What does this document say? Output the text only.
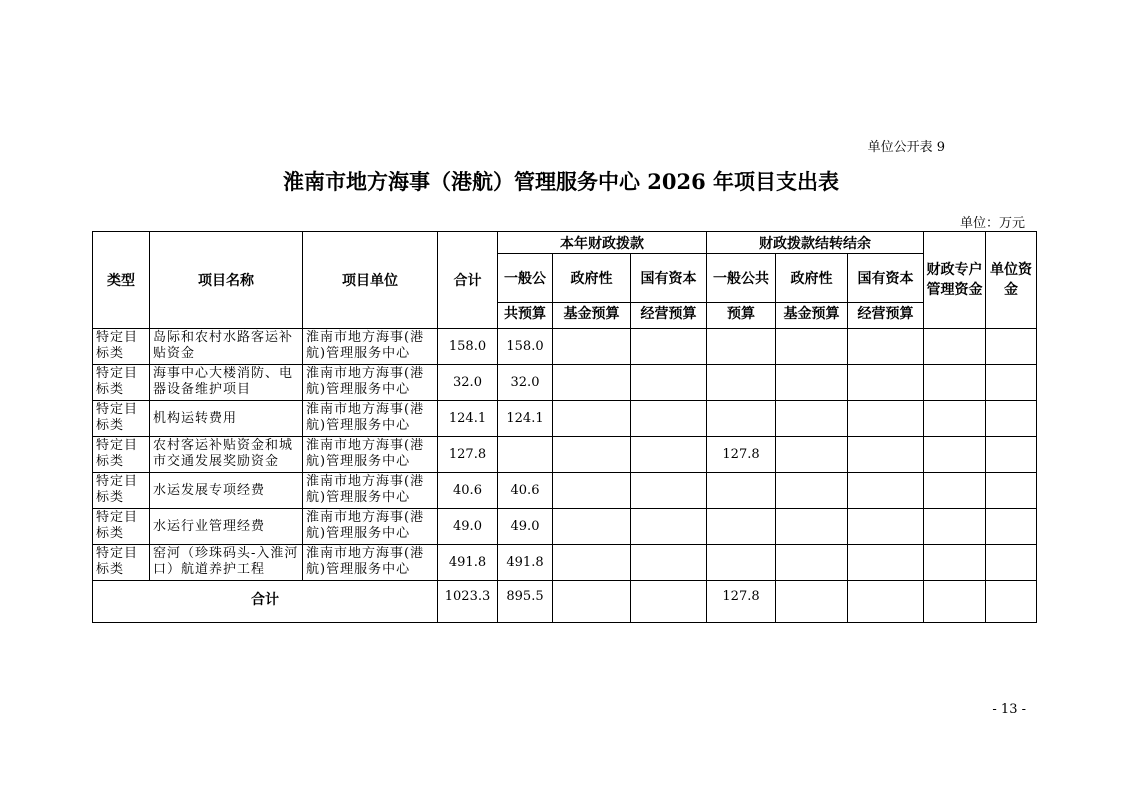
单位公开表 9
淮南市地方海事（港航）管理服务中心 2026 年项目支出表
单位：万元
类型	项目名称	项目单位	合计	本年财政拨款			财政拨款结转结余			财政专户管理资金	单位资金
				一般公	政府性	国有资本	一般公共	政府性	国有资本		
				共预算	基金预算	经营预算	预算	基金预算	经营预算		
特定目标类	岛际和农村水路客运补贴资金	淮南市地方海事(港航)管理服务中心	158.0	158.0							
特定目标类	海事中心大楼消防、电器设备维护项目	淮南市地方海事(港航)管理服务中心	32.0	32.0							
特定目标类	机构运转费用	淮南市地方海事(港航)管理服务中心	124.1	124.1							
特定目标类	农村客运补贴资金和城市交通发展奖励资金	淮南市地方海事(港航)管理服务中心	127.8				127.8				
特定目标类	水运发展专项经费	淮南市地方海事(港航)管理服务中心	40.6	40.6							
特定目标类	水运行业管理经费	淮南市地方海事(港航)管理服务中心	49.0	49.0							
特定目标类	窑河（珍珠码头-入淮河口）航道养护工程	淮南市地方海事(港航)管理服务中心	491.8	491.8							
合计			1023.3	895.5			127.8				
- 13 -
